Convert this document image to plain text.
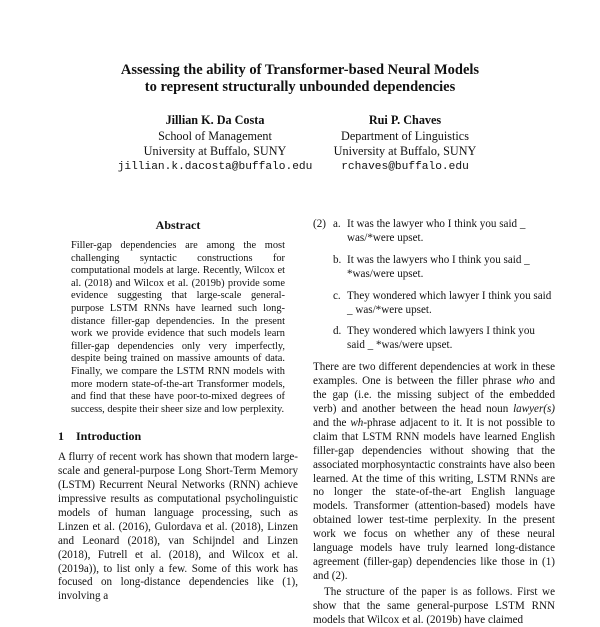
Assessing the ability of Transformer-based Neural Models
to represent structurally unbounded dependencies
Jillian K. Da Costa
School of Management
University at Buffalo, SUNY
jillian.k.dacosta@buffalo.edu
Rui P. Chaves
Department of Linguistics
University at Buffalo, SUNY
rchaves@buffalo.edu
Abstract

Filler-gap dependencies are among the most challenging syntactic constructions for computational models at large. Recently, Wilcox et al. (2018) and Wilcox et al. (2019b) provide some evidence suggesting that large-scale general-purpose LSTM RNNs have learned such long-distance filler-gap dependencies. In the present work we provide evidence that such models learn filler-gap dependencies only very imperfectly, despite being trained on massive amounts of data. Finally, we compare the LSTM RNN models with more modern state-of-the-art Transformer models, and find that these have poor-to-mixed degrees of success, despite their sheer size and low perplexity.

1 Introduction

A flurry of recent work has shown that modern large-scale and general-purpose Long Short-Term Memory (LSTM) Recurrent Neural Networks (RNN) achieve impressive results as computational psycholinguistic models of human language processing, such as Linzen et al. (2016), Gulordava et al. (2018), Linzen and Leonard (2018), van Schijndel and Linzen (2018), Futrell et al. (2018), and Wilcox et al. (2019a)), to list only a few. Some of this work has focused on long-distance dependencies like (1), involving a

(2) a. It was the lawyer who I think you said _ was/*were upset.
b. It was the lawyers who I think you said _ *was/were upset.
c. They wondered which lawyer I think you said _ was/*were upset.
d. They wondered which lawyers I think you said _ *was/were upset.

There are two different dependencies at work in these examples. One is between the filler phrase who and the gap (i.e. the missing subject of the embedded verb) and another between the head noun lawyer(s) and the wh-phrase adjacent to it. It is not possible to claim that LSTM RNN models have learned English filler-gap dependencies without showing that the associated morphosyntactic constraints have also been learned. At the time of this writing, LSTM RNNs are no longer the state-of-the-art English language models. Transformer (attention-based) models have obtained lower test-time perplexity. In the present work we focus on whether any of these neural language models have truly learned long-distance agreement (filler-gap) dependencies like those in (1) and (2).

The structure of the paper is as follows. First we show that the same general-purpose LSTM RNN models that Wilcox et al. (2019b) have claimed
